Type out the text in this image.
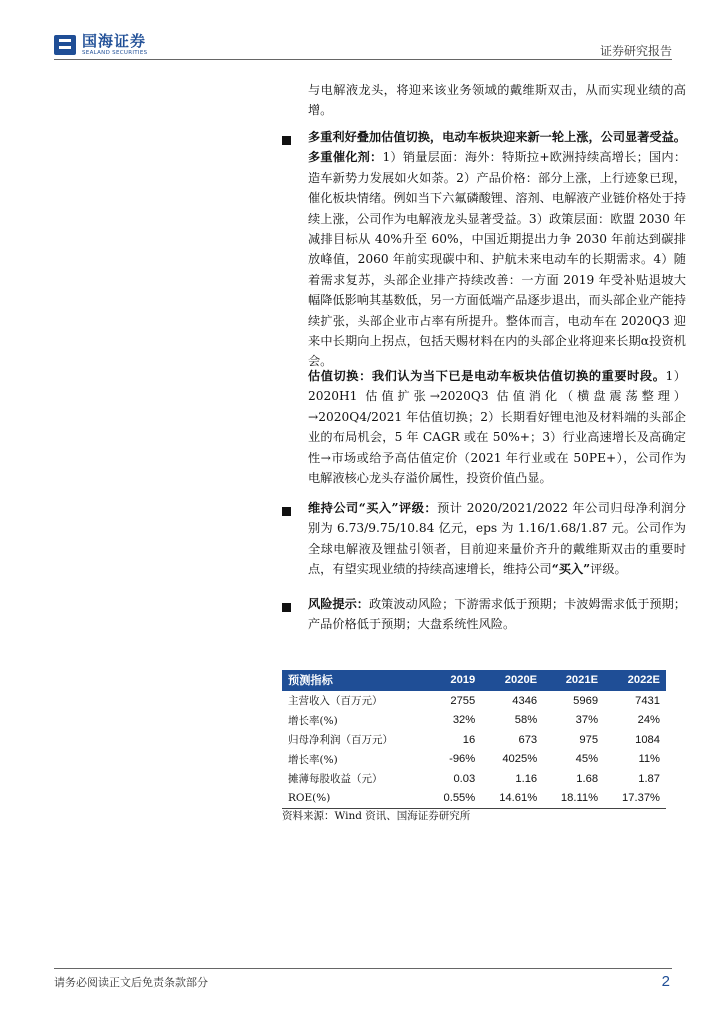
国海证券
SEALAND SECURITIES	证券研究报告
与电解液龙头，将迎来该业务领域的戴维斯双击，从而实现业绩的高增。
多重利好叠加估值切换，电动车板块迎来新一轮上涨，公司显著受益。多重催化剂：1）销量层面：海外：特斯拉+欧洲持续高增长；国内：造车新势力发展如火如荼。2）产品价格：部分上涨，上行迹象已现，催化板块情绪。例如当下六氟磷酸锂、溶剂、电解液产业链价格处于持续上涨，公司作为电解液龙头显著受益。3）政策层面：欧盟 2030 年减排目标从 40%升至 60%，中国近期提出力争 2030 年前达到碳排放峰值，2060 年前实现碳中和、护航未来电动车的长期需求。4）随着需求复苏，头部企业排产持续改善：一方面 2019 年受补贴退坡大幅降低影响其基数低，另一方面低端产品逐步退出，而头部企业产能持续扩张，头部企业市占率有所提升。整体而言，电动车在 2020Q3 迎来中长期向上拐点，包括天赐材料在内的头部企业将迎来长期α投资机会。
估值切换：我们认为当下已是电动车板块估值切换的重要时段。1）2020H1 估值扩张→2020Q3 估值消化（横盘震荡整理）→2020Q4/2021 年估值切换；2）长期看好锂电池及材料端的头部企业的布局机会，5 年 CAGR 或在 50%+；3）行业高速增长及高确定性→市场或给予高估值定价（2021 年行业或在 50PE+），公司作为电解液核心龙头存溢价属性，投资价值凸显。
维持公司“买入”评级：预计 2020/2021/2022 年公司归母净利润分别为 6.73/9.75/10.84 亿元，eps 为 1.16/1.68/1.87 元。公司作为全球电解液及锂盐引领者，目前迎来量价齐升的戴维斯双击的重要时点，有望实现业绩的持续高速增长，维持公司“买入”评级。
风险提示：政策波动风险；下游需求低于预期；卡波姆需求低于预期；产品价格低于预期；大盘系统性风险。
预测指标	2019	2020E	2021E	2022E
主营收入（百万元）	2755	4346	5969	7431
增长率(%)	32%	58%	37%	24%
归母净利润（百万元）	16	673	975	1084
增长率(%)	-96%	4025%	45%	11%
摊薄每股收益（元）	0.03	1.16	1.68	1.87
ROE(%)	0.55%	14.61%	18.11%	17.37%
资料来源：Wind 资讯、国海证券研究所
请务必阅读正文后免责条款部分	2
